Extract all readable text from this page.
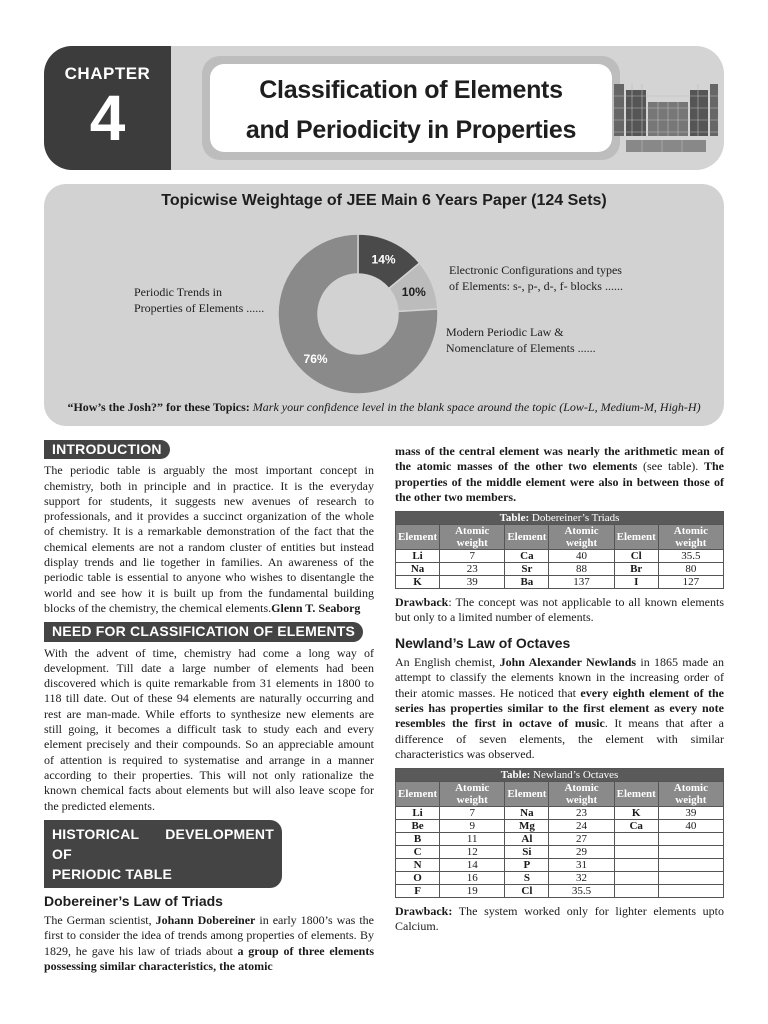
CHAPTER
4	Classification of Elements
and Periodicity in Properties
Topicwise Weightage of JEE Main 6 Years Paper (124 Sets)
14%
10%
76%
Periodic Trends in
Properties of Elements ......
Electronic Configurations and types
of Elements: s-, p-, d-, f- blocks ......
Modern Periodic Law &
Nomenclature of Elements ......
“How’s the Josh?” for these Topics: Mark your confidence level in the blank space around the topic (Low-L, Medium-M, High-H)
INTRODUCTION

The periodic table is arguably the most important concept in chemistry, both in principle and in practice. It is the everyday support for students, it suggests new avenues of research to professionals, and it provides a succinct organization of the whole of chemistry. It is a remarkable demonstration of the fact that the chemical elements are not a random cluster of entities but instead display trends and lie together in families. An awareness of the periodic table is essential to anyone who wishes to disentangle the world and see how it is built up from the fundamental building blocks of the chemistry, the chemical elements.Glenn T. Seaborg

NEED FOR CLASSIFICATION OF ELEMENTS

With the advent of time, chemistry had come a long way of development. Till date a large number of elements had been discovered which is quite remarkable from 31 elements in 1800 to 118 till date. Out of these 94 elements are naturally occurring and rest are man-made. While efforts to synthesize new elements are still going, it becomes a difficult task to study each and every element precisely and their compounds. So an appreciable amount of attention is required to systematise and arrange in a manner according to their properties. This will not only rationalize the known chemical facts about elements but will also leave scope for the predicted elements.

HISTORICAL DEVELOPMENT OF
PERIODIC TABLE
Dobereiner’s Law of Triads

The German scientist, Johann Dobereiner in early 1800’s was the first to consider the idea of trends among properties of elements. By 1829, he gave his law of triads about a group of three elements possessing similar characteristics, the atomic

mass of the central element was nearly the arithmetic mean of the atomic masses of the other two elements (see table). The properties of the middle element were also in between those of the other two members.

Table: Dobereiner’s Triads					
Element	Atomic weight	Element	Atomic weight	Element	Atomic weight
Li	7	Ca	40	Cl	35.5
Na	23	Sr	88	Br	80
K	39	Ba	137	I	127

Drawback: The concept was not applicable to all known elements but only to a limited number of elements.

Newland’s Law of Octaves

An English chemist, John Alexander Newlands in 1865 made an attempt to classify the elements known in the increasing order of their atomic masses. He noticed that every eighth element of the series has properties similar to the first element as every note resembles the first in octave of music. It means that after a difference of seven elements, the element with similar characteristics was observed.

Table: Newland’s Octaves					
Element	Atomic weight	Element	Atomic weight	Element	Atomic weight
Li	7	Na	23	K	39
Be	9	Mg	24	Ca	40
B	11	Al	27		
C	12	Si	29		
N	14	P	31		
O	16	S	32		
F	19	Cl	35.5		

Drawback: The system worked only for lighter elements upto Calcium.
